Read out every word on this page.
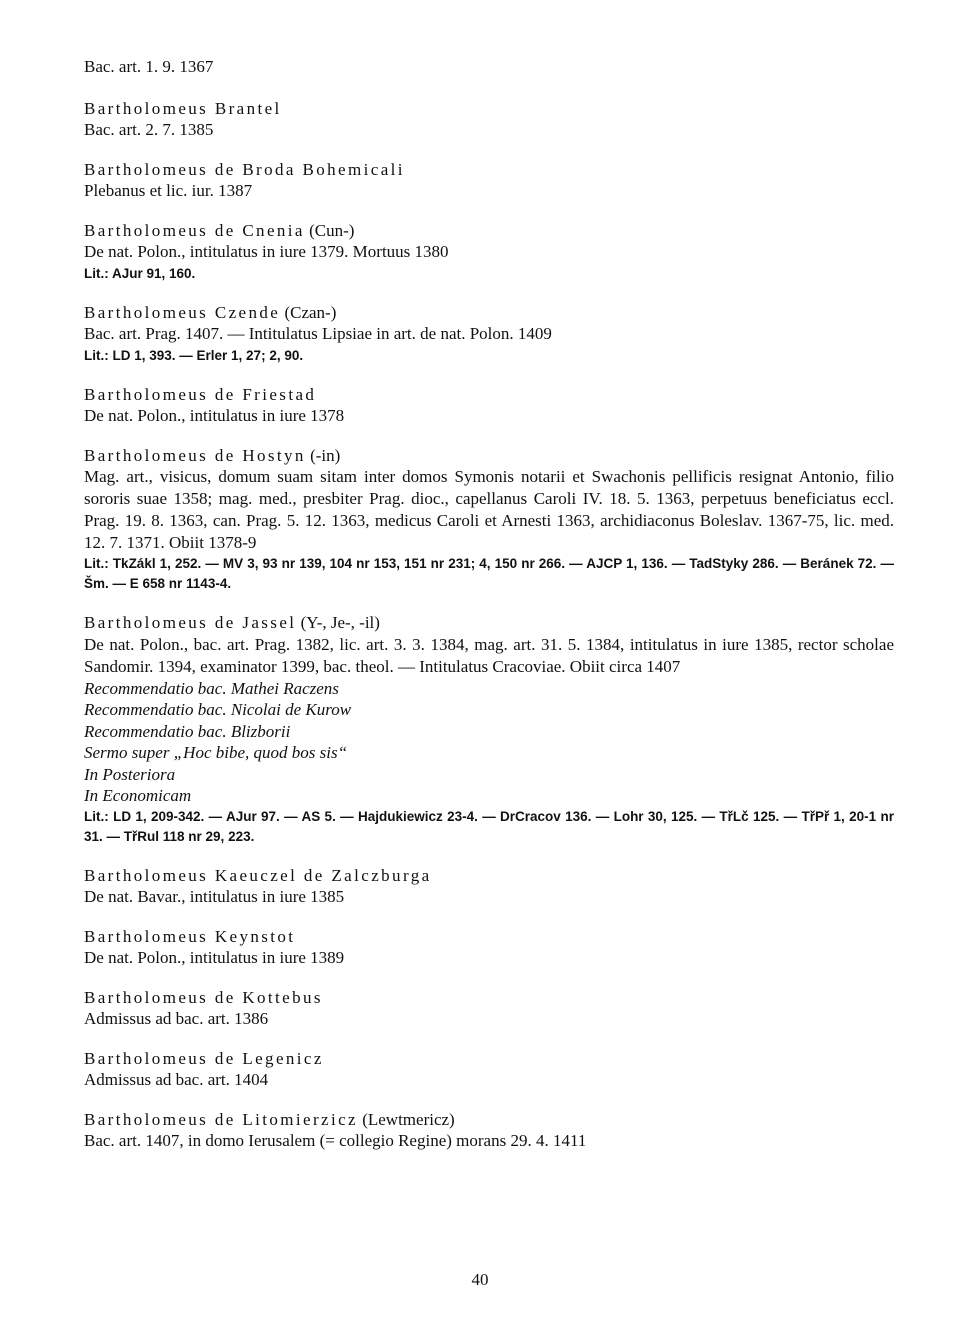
Bac. art. 1. 9. 1367
Bartholomeus Brantel
Bac. art. 2. 7. 1385
Bartholomeus de Broda Bohemicali
Plebanus et lic. iur. 1387
Bartholomeus de Cnenia (Cun-)
De nat. Polon., intitulatus in iure 1379. Mortuus 1380
Lit.: AJur 91, 160.
Bartholomeus Czende (Czan-)
Bac. art. Prag. 1407. — Intitulatus Lipsiae in art. de nat. Polon. 1409
Lit.: LD 1, 393. — Erler 1, 27; 2, 90.
Bartholomeus de Friestad
De nat. Polon., intitulatus in iure 1378
Bartholomeus de Hostyn (-in)
Mag. art., visicus, domum suam sitam inter domos Symonis notarii et Swachonis pellificis resignat Antonio, filio sororis suae 1358; mag. med., presbiter Prag. dioc., capellanus Caroli IV. 18. 5. 1363, perpetuus beneficiatus eccl. Prag. 19. 8. 1363, can. Prag. 5. 12. 1363, medicus Caroli et Arnesti 1363, archidiaconus Boleslav. 1367-75, lic. med. 12. 7. 1371. Obiit 1378-9
Lit.: TkZákl 1, 252. — MV 3, 93 nr 139, 104 nr 153, 151 nr 231; 4, 150 nr 266. — AJCP 1, 136. — TadStyky 286. — Beránek 72. — Šm. — E 658 nr 1143-4.
Bartholomeus de Jassel (Y-, Je-, -il)
De nat. Polon., bac. art. Prag. 1382, lic. art. 3. 3. 1384, mag. art. 31. 5. 1384, intitulatus in iure 1385, rector scholae Sandomir. 1394, examinator 1399, bac. theol. — Intitulatus Cracoviae. Obiit circa 1407
Recommendatio bac. Mathei Raczens
Recommendatio bac. Nicolai de Kurow
Recommendatio bac. Blizborii
Sermo super „Hoc bibe, quod bos sis“
In Posteriora
In Economicam
Lit.: LD 1, 209-342. — AJur 97. — AS 5. — Hajdukiewicz 23-4. — DrCracov 136. — Lohr 30, 125. — TřLč 125. — TřPř 1, 20-1 nr 31. — TřRul 118 nr 29, 223.
Bartholomeus Kaeuczel de Zalczburga
De nat. Bavar., intitulatus in iure 1385
Bartholomeus Keynstot
De nat. Polon., intitulatus in iure 1389
Bartholomeus de Kottebus
Admissus ad bac. art. 1386
Bartholomeus de Legenicz
Admissus ad bac. art. 1404
Bartholomeus de Litomierzicz (Lewtmericz)
Bac. art. 1407, in domo Ierusalem (= collegio Regine) morans 29. 4. 1411
40
